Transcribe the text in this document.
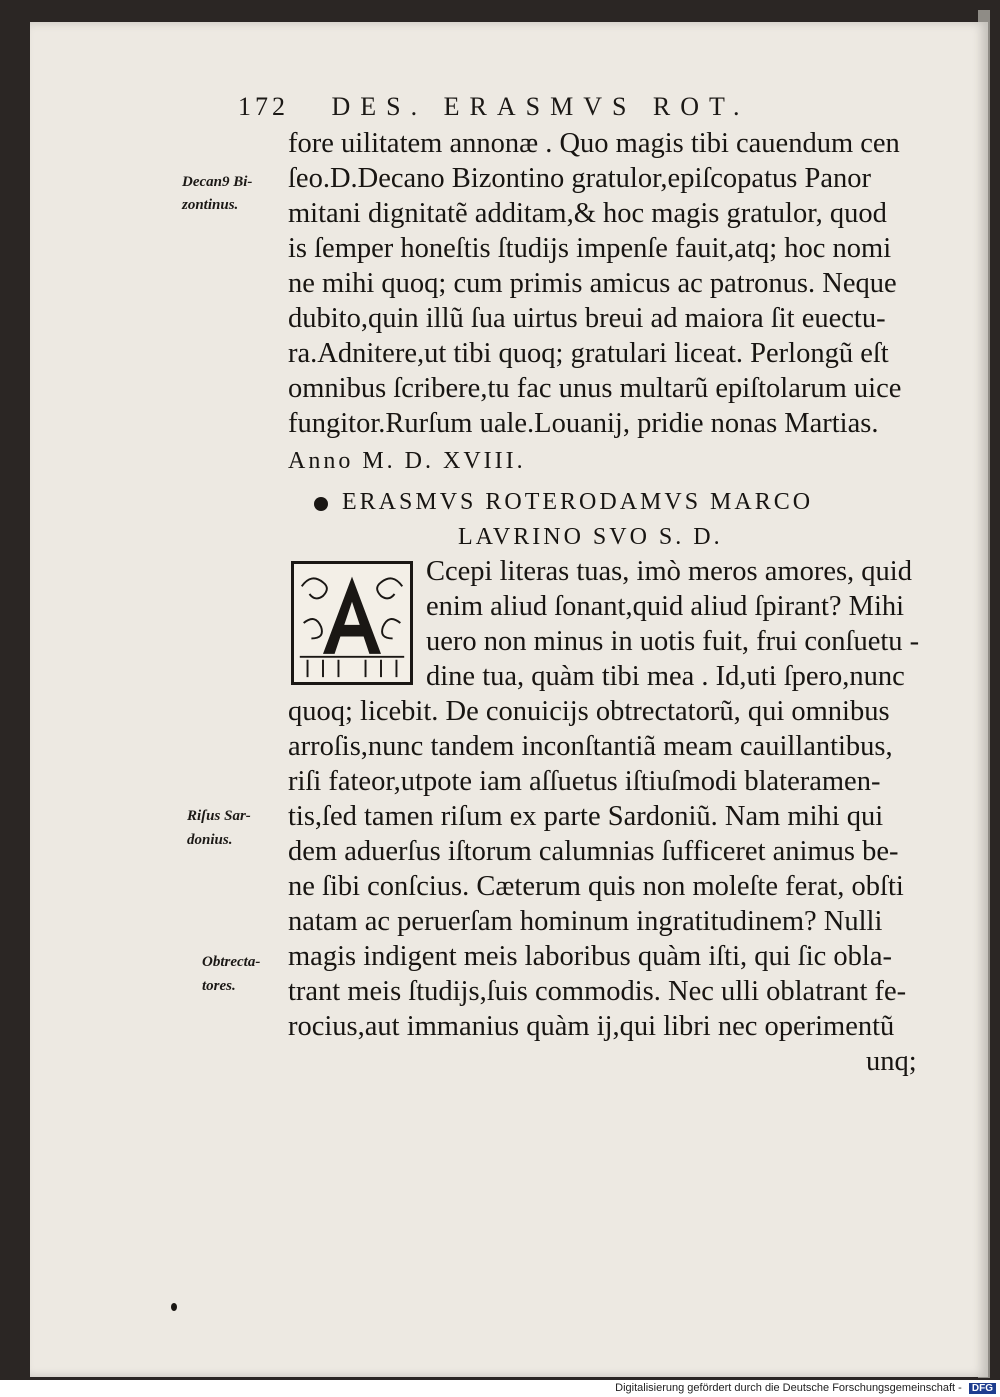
172 DES. ERASMVS ROT.
fore uilitatem annonæ . Quo magis tibi cauendum cen
ſeo.D.Decano Bizontino gratulor,epiſcopatus Panor
mitani dignitatẽ additam,& hoc magis gratulor, quod
is ſemper honeſtis ſtudijs impenſe fauit,atq; hoc nomi
ne mihi quoq; cum primis amicus ac patronus. Neque
dubito,quin illũ ſua uirtus breui ad maiora ſit euectu-
ra.Adnitere,ut tibi quoq; gratulari liceat. Perlongũ eſt
omnibus ſcribere,tu fac unus multarũ epiſtolarum uice
fungitor.Rurſum uale.Louanij, pridie nonas Martias.
Anno M. D. XVIII.
ERASMVS ROTERODAMVS MARCO
LAVRINO SVO S. D.
Ccepi literas tuas, imò meros amores, quid
enim aliud ſonant,quid aliud ſpirant? Mihi
uero non minus in uotis fuit, frui conſuetu -
dine tua, quàm tibi mea . Id,uti ſpero,nunc
quoq; licebit. De conuicijs obtrectatorũ, qui omnibus
arroſis,nunc tandem inconſtantiã meam cauillantibus,
riſi fateor,utpote iam aſſuetus iſtiuſmodi blateramen-
tis,ſed tamen riſum ex parte Sardoniũ. Nam mihi qui
dem aduerſus iſtorum calumnias ſufficeret animus be-
ne ſibi conſcius. Cæterum quis non moleſte ferat, obſti
natam ac peruerſam hominum ingratitudinem? Nulli
magis indigent meis laboribus quàm iſti, qui ſic obla-
trant meis ſtudijs,ſuis commodis. Nec ulli oblatrant fe-
rocius,aut immanius quàm ij,qui libri nec operimentũ
unq;
Decan9 Bi-
zontinus.
Riſus Sar-
donius.
Obtrecta-
tores.
Digitalisierung gefördert durch die Deutsche Forschungsgemeinschaft - DFG
